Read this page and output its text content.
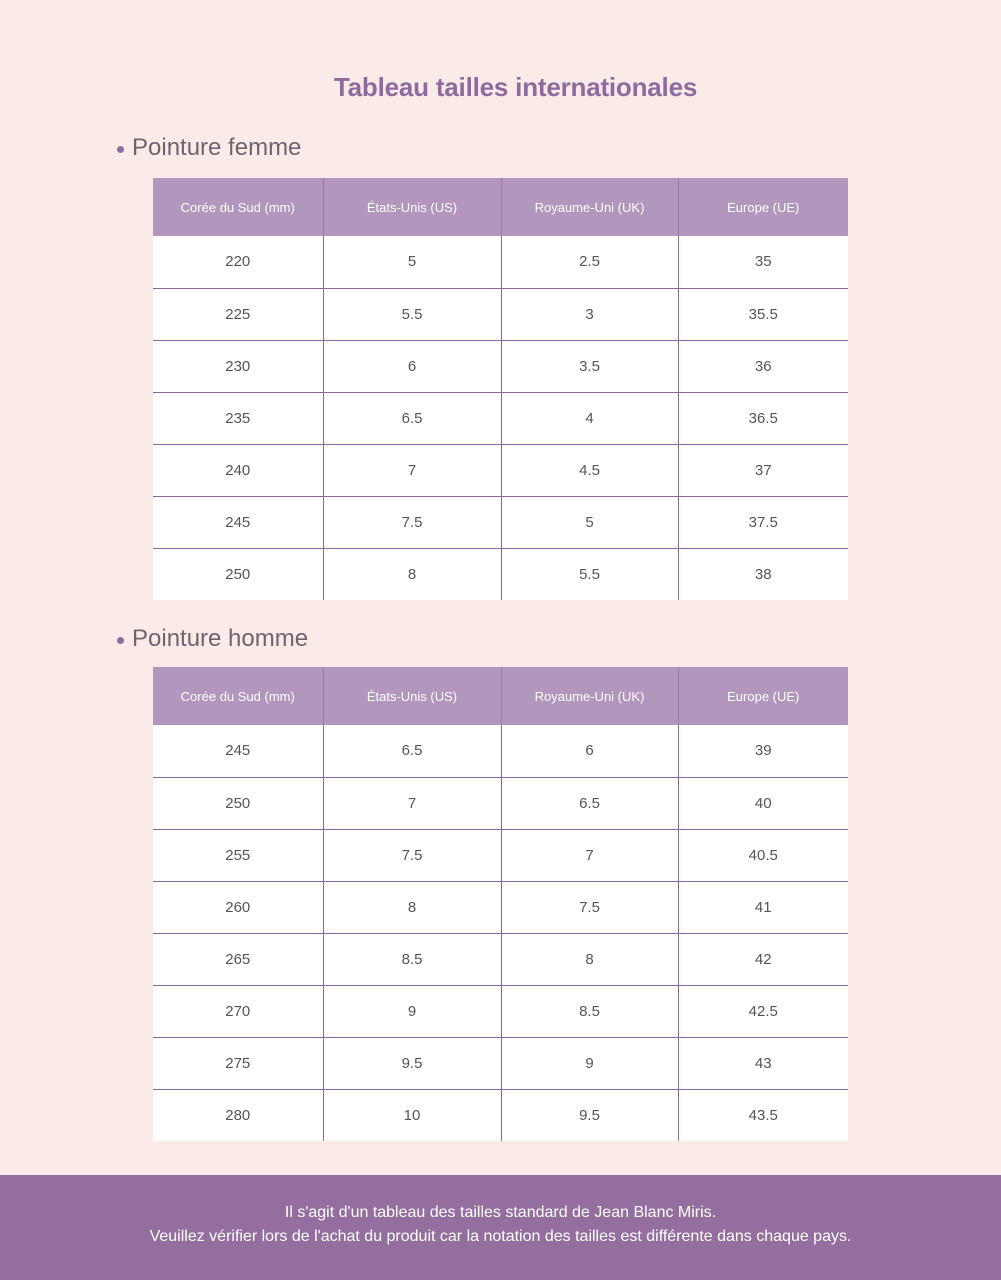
Tableau tailles internationales
Pointure femme
Corée du Sud (mm)	États-Unis (US)	Royaume-Uni (UK)	Europe (UE)
220	5	2.5	35
225	5.5	3	35.5
230	6	3.5	36
235	6.5	4	36.5
240	7	4.5	37
245	7.5	5	37.5
250	8	5.5	38
Pointure homme
Corée du Sud (mm)	États-Unis (US)	Royaume-Uni (UK)	Europe (UE)
245	6.5	6	39
250	7	6.5	40
255	7.5	7	40.5
260	8	7.5	41
265	8.5	8	42
270	9	8.5	42.5
275	9.5	9	43
280	10	9.5	43.5

Il s'agit d'un tableau des tailles standard de Jean Blanc Miris.

Veuillez vérifier lors de l'achat du produit car la notation des tailles est différente dans chaque pays.
